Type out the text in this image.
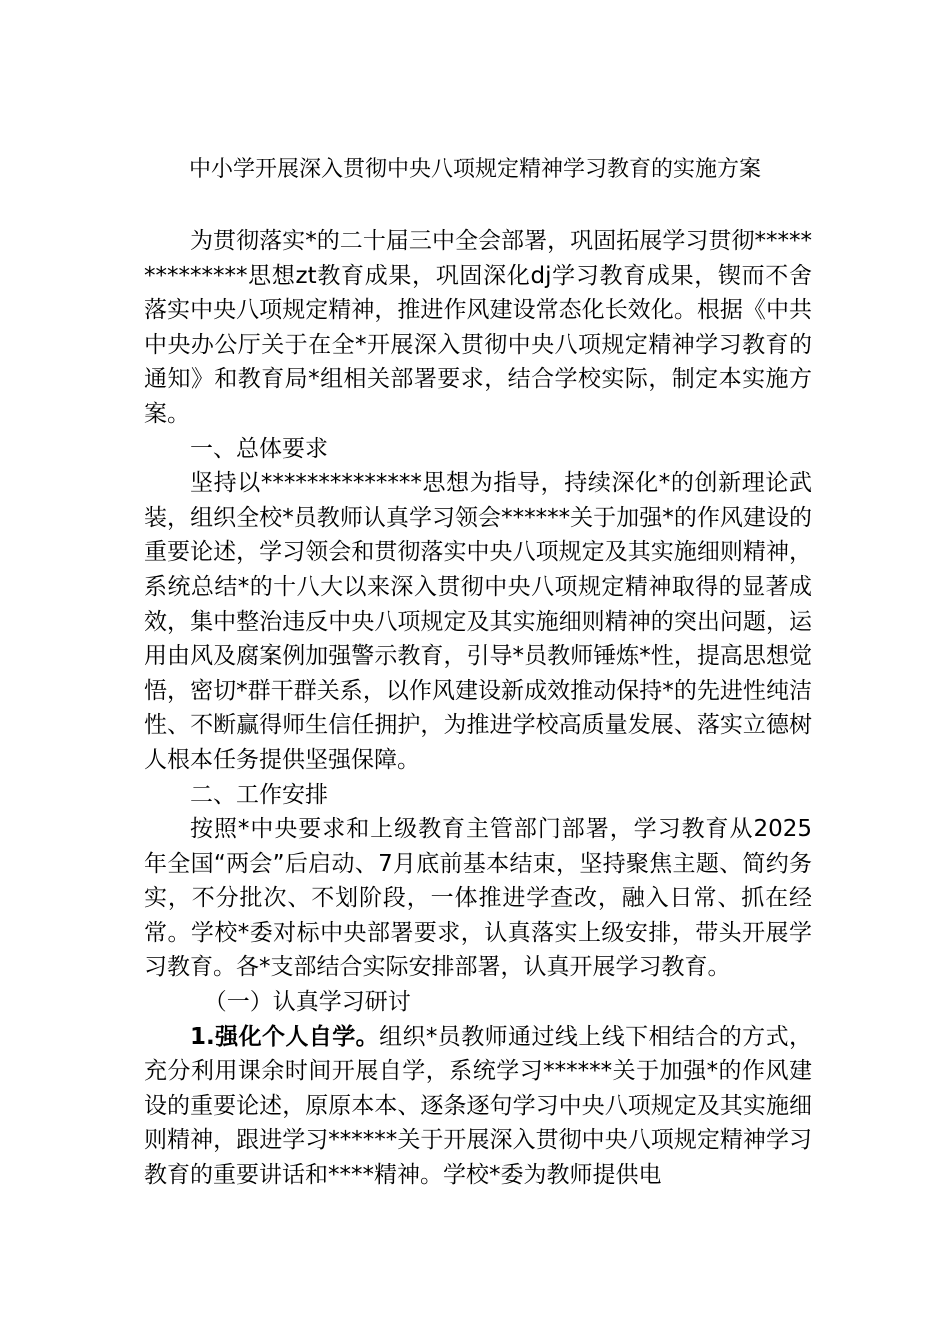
中小学开展深入贯彻中央八项规定精神学习教育的实施方案

为贯彻落实*的二十届三中全会部署，巩固拓展学习贯彻**************思想zt教育成果，巩固深化dj学习教育成果，锲而不舍落实中央八项规定精神，推进作风建设常态化长效化。根据《中共中央办公厅关于在全*开展深入贯彻中央八项规定精神学习教育的通知》和教育局*组相关部署要求，结合学校实际，制定本实施方案。

一、总体要求

坚持以**************思想为指导，持续深化*的创新理论武装，组织全校*员教师认真学习领会******关于加强*的作风建设的重要论述，学习领会和贯彻落实中央八项规定及其实施细则精神，系统总结*的十八大以来深入贯彻中央八项规定精神取得的显著成效，集中整治违反中央八项规定及其实施细则精神的突出问题，运用由风及腐案例加强警示教育，引导*员教师锤炼*性，提高思想觉悟，密切*群干群关系，以作风建设新成效推动保持*的先进性纯洁性、不断赢得师生信任拥护，为推进学校高质量发展、落实立德树人根本任务提供坚强保障。

二、工作安排

按照*中央要求和上级教育主管部门部署，学习教育从2025年全国“两会”后启动、7月底前基本结束，坚持聚焦主题、简约务实，不分批次、不划阶段，一体推进学查改，融入日常、抓在经常。学校*委对标中央部署要求，认真落实上级安排，带头开展学习教育。各*支部结合实际安排部署，认真开展学习教育。

（一）认真学习研讨

1.强化个人自学。组织*员教师通过线上线下相结合的方式，充分利用课余时间开展自学，系统学习******关于加强*的作风建设的重要论述，原原本本、逐条逐句学习中央八项规定及其实施细则精神，跟进学习******关于开展深入贯彻中央八项规定精神学习教育的重要讲话和****精神。学校*委为教师提供电
